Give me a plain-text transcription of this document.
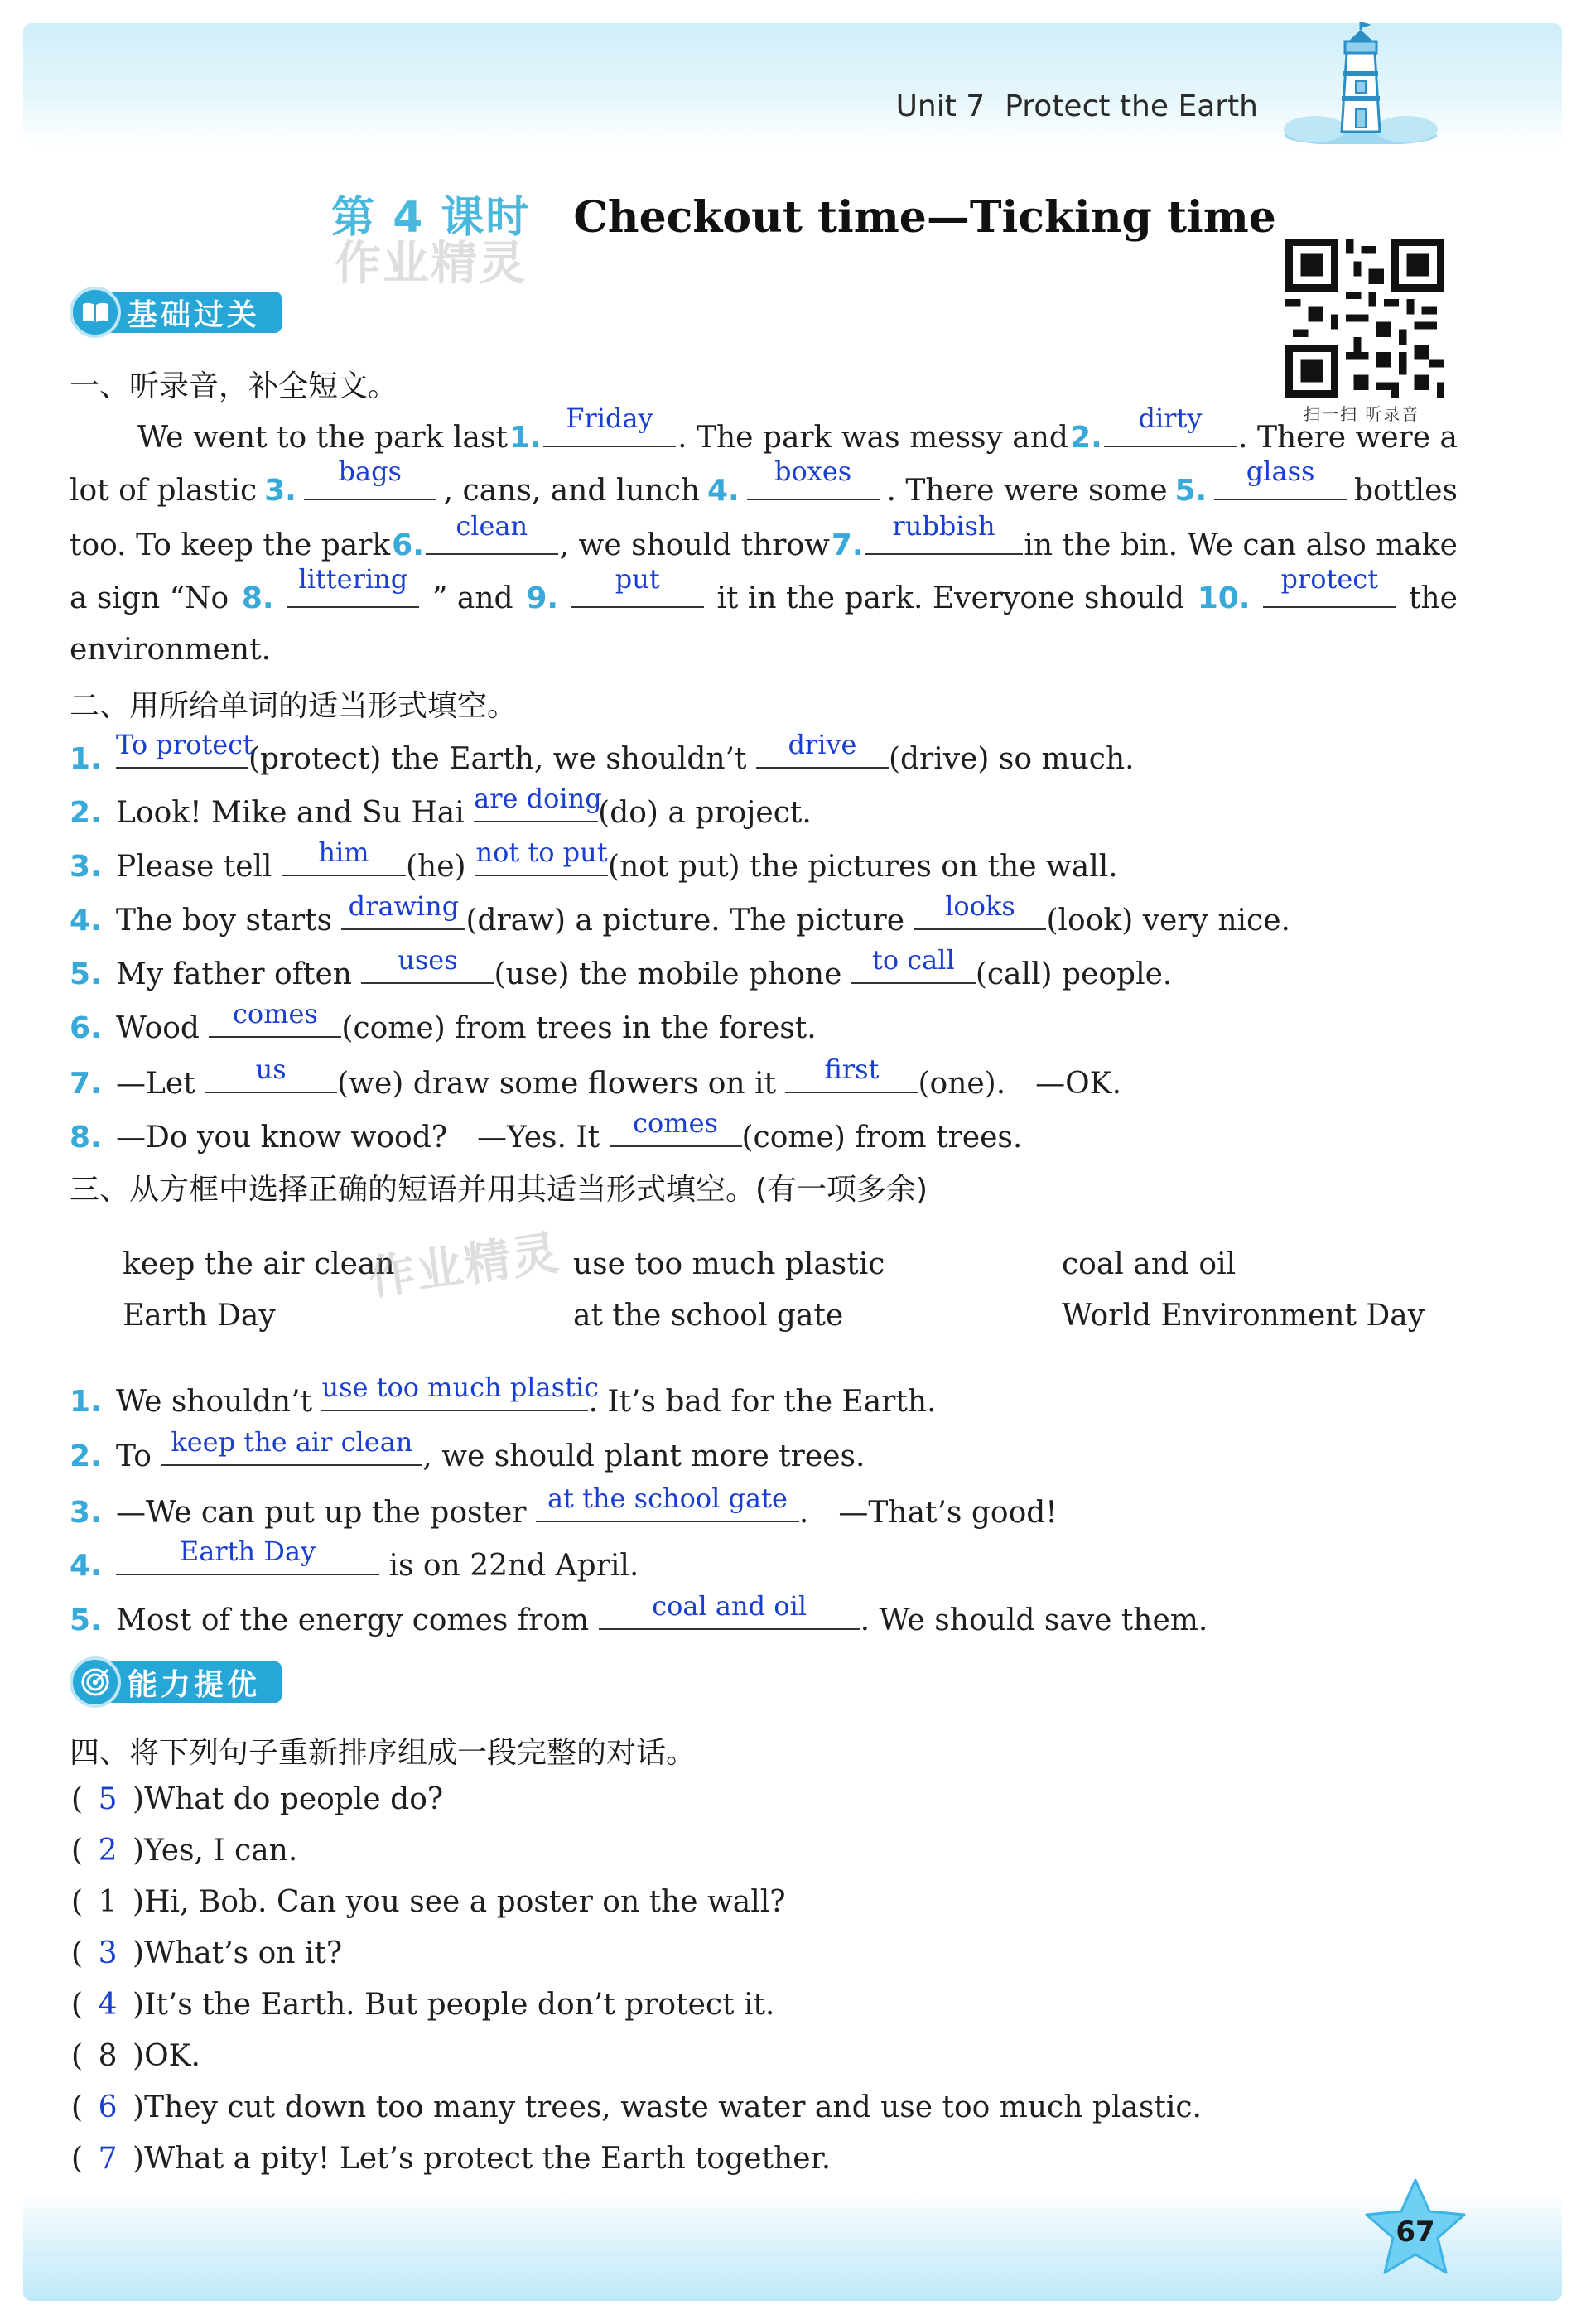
Unit 7 Protect the Earth
第 4 课时 Checkout time—Ticking time
作业精灵
扫一扫 听录音
基础过关
一、听录音，补全短文。
We went to the park last 1.
Friday
. The park was messy and 2.
dirty
. There were a
lot of plastic 3.
bags
, cans, and lunch 4.
boxes
. There were some 5.
glass
bottles
too. To keep the park 6.
clean
, we should throw 7.
rubbish
in the bin. We can also make
a sign “No 8.
littering
” and 9.
put
it in the park. Everyone should 10.
protect
the
environment.
二、用所给单词的适当形式填空。
1. To protect
(protect) the Earth, we shouldn’t	drive	(drive) so much.
2. Look! Mike and Su Hai are doing
(do) a project.
3. Please tell	him	(he) not to put (not put) the pictures on the wall.
4. The boy starts drawing (draw) a picture. The picture	looks	(look) very nice.
5. My father often	uses	(use) the mobile phone	to call (call) people.
6. Wood	comes (come) from trees in the forest.
7. —Let	us	(we) draw some flowers on it	first	(one).　—OK.
8. —Do you know wood?　—Yes. It	comes (come) from trees.
三、从方框中选择正确的短语并用其适当形式填空。(有一项多余)
keep the air clean	use too much plastic	coal and oil
Earth Day	at the school gate	World Environment Day
作业精灵
1. We shouldn’t use too much plastic
. It’s bad for the Earth.
2. To keep the air clean , we should plant more trees.
3. —We can put up the poster at the school gate .　—That’s good!
4.	Earth Day	is on 22nd April.
5. Most of the energy comes from	coal and oil	. We should save them.
能力提优
四、将下列句子重新排序组成一段完整的对话。
( 5 )What do people do?
( 2 )Yes, I can.
( 1 )Hi, Bob. Can you see a poster on the wall?
( 3 )What’s on it?
( 4 )It’s the Earth. But people don’t protect it.
( 8 )OK.
( 6 )They cut down too many trees, waste water and use too much plastic.
( 7 )What a pity! Let’s protect the Earth together.
67
